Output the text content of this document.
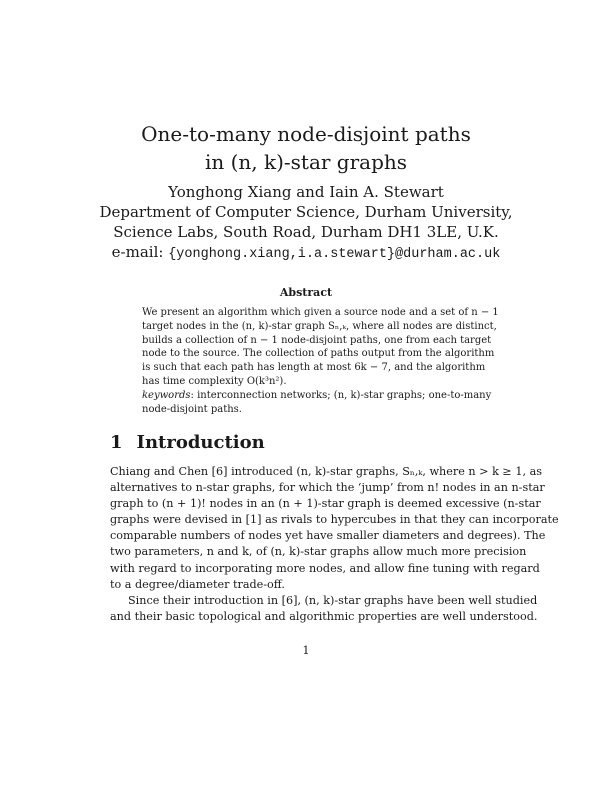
One-to-many node-disjoint paths
in (n, k)-star graphs
Yonghong Xiang and Iain A. Stewart
Department of Computer Science, Durham University,
Science Labs, South Road, Durham DH1 3LE, U.K.
e-mail: {yonghong.xiang,i.a.stewart}@durham.ac.uk
Abstract
We present an algorithm which given a source node and a set of n − 1
target nodes in the (n, k)-star graph Sₙ,ₖ, where all nodes are distinct,
builds a collection of n − 1 node-disjoint paths, one from each target
node to the source. The collection of paths output from the algorithm
is such that each path has length at most 6k − 7, and the algorithm
has time complexity O(k³n²).
keywords: interconnection networks; (n, k)-star graphs; one-to-many
node-disjoint paths.
1 Introduction
Chiang and Chen [6] introduced (n, k)-star graphs, Sₙ,ₖ, where n > k ≥ 1, as
alternatives to n-star graphs, for which the ‘jump’ from n! nodes in an n-star
graph to (n + 1)! nodes in an (n + 1)-star graph is deemed excessive (n-star
graphs were devised in [1] as rivals to hypercubes in that they can incorporate
comparable numbers of nodes yet have smaller diameters and degrees). The
two parameters, n and k, of (n, k)-star graphs allow much more precision
with regard to incorporating more nodes, and allow fine tuning with regard
to a degree/diameter trade-off.
Since their introduction in [6], (n, k)-star graphs have been well studied
and their basic topological and algorithmic properties are well understood.
1
